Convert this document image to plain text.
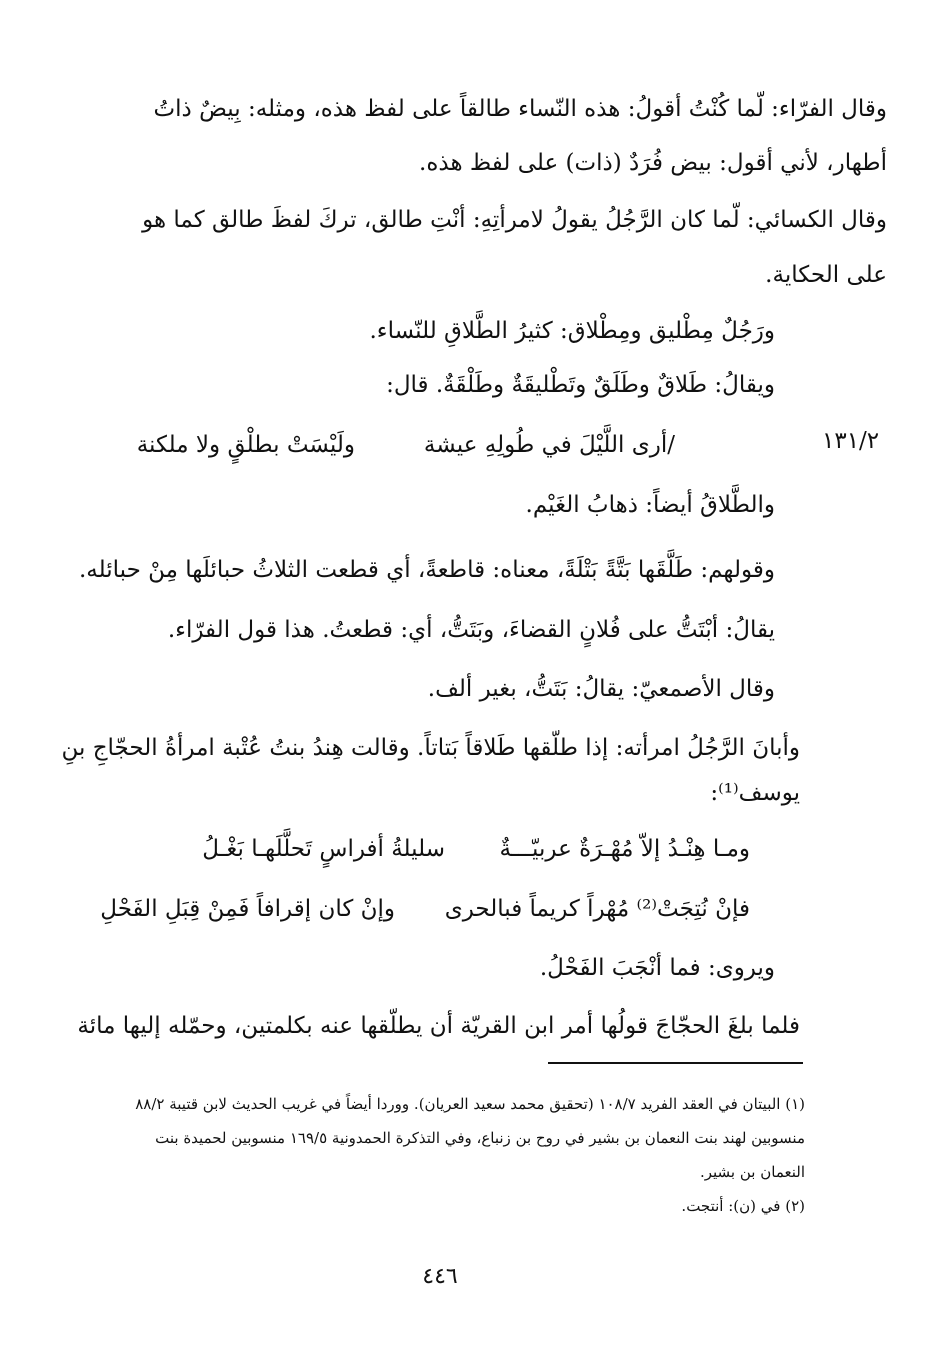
وقال الفرّاء: لّما كُنْتُ أقولُ: هذه النّساء طالقاً على لفظ هذه، ومثله: بِيضٌ ذاتُ
أطهار، لأني أقول: بيض فُرَدٌ (ذات) على لفظ هذه.
وقال الكسائي: لّما كان الرَّجُلُ يقولُ لامرأتِهِ: أنْتِ طالق، تركَ لفظَ طالق كما هو
على الحكاية.
ورَجُلٌ مِطْليق ومِطْلاق: كثيرُ الطَّلاقِ للنّساء.
ويقالُ: طَلاقٌ وطَلَقٌ وتَطْليقَةٌ وطَلْقَةٌ. قال:
١٣١/٢
/أرى اللَّيْلَ في طُولِهِ عيشة
ولَيْسَتْ بطلْقٍ ولا ملكنة
والطَّلاقُ أيضاً: ذهابُ الغَيْم.
وقولهم: طَلَّقَها بَتَّةً بَتْلَةً، معناه: قاطعةً، أي قطعت الثلاثُ حبائلَها مِنْ حبائله.
يقالُ: أبْتَتُّ على فُلانٍ القضاءَ، وبَتَتُّ، أي: قطعتُ. هذا قول الفرّاء.
وقال الأصمعيّ: يقالُ: بَتَتُّ، بغير ألف.
وأبانَ الرَّجُلُ امرأته: إذا طلّقها طَلاقاً بَتاتاً. وقالت هِندُ بنتُ عُتْبة امرأةُ الحجّاجِ بنِ
يوسف⁽¹⁾:
ومـا هِنْـدُ إلاّ مُهْـرَةٌ عربيّـــةٌ
سليلةُ أفراسٍ تَحلَّلَهـا بَغْـلُ
فإنْ نُتِجَتْ⁽²⁾ مُهْراً كريماً فبالحرى
وإنْ كان إقرافاً فَمِنْ قِبَلِ الفَحْلِ
ويروى: فما أنْجَبَ الفَحْلُ.
فلما بلغَ الحجّاجَ قولُها أمر ابن القريّة أن يطلّقها عنه بكلمتين، وحمّله إليها مائة
(١) البيتان في العقد الفريد ١٠٨/٧ (تحقيق محمد سعيد العريان). ووردا أيضاً في غريب الحديث لابن قتيبة ٨٨/٢
منسوبين لهند بنت النعمان بن بشير في روح بن زنباع، وفي التذكرة الحمدونية ١٦٩/٥ منسوبين لحميدة بنت
النعمان بن بشير.
(٢) في (ن): أنتجت.
٤٤٦
